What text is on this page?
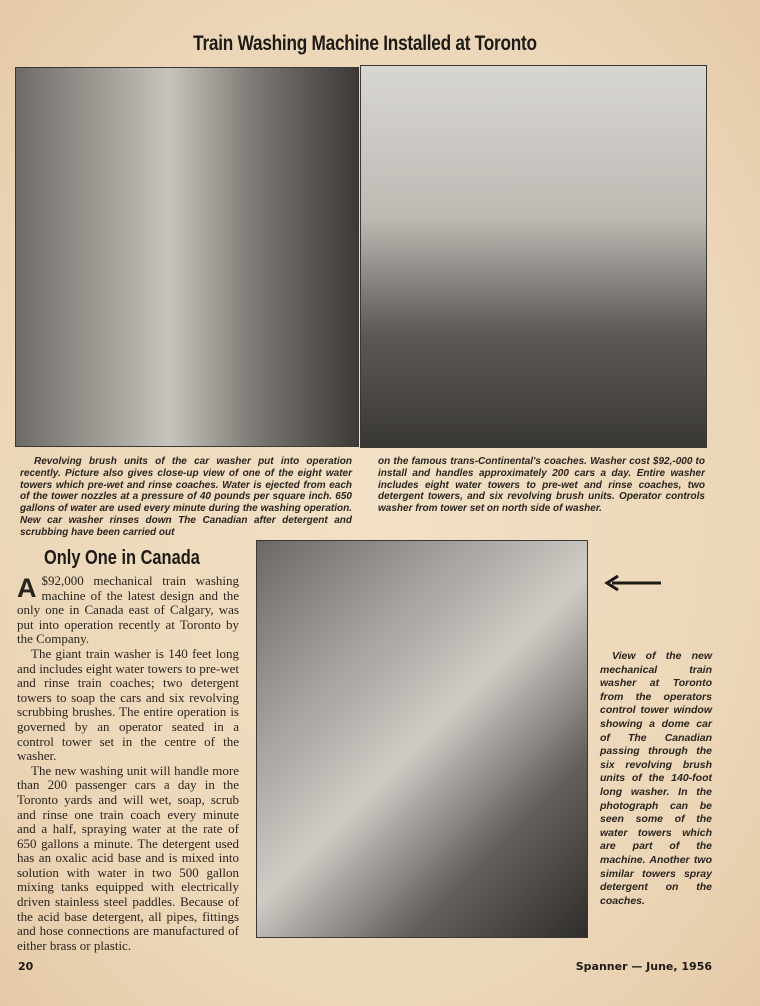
Train Washing Machine Installed at Toronto
Revolving brush units of the car washer put into operation recently. Picture also gives close-up view of one of the eight water towers which pre-wet and rinse coaches. Water is ejected from each of the tower nozzles at a pressure of 40 pounds per square inch. 650 gallons of water are used every minute during the washing operation. New car washer rinses down The Canadian after detergent and scrubbing have been carried out
on the famous trans-Continental's coaches. Washer cost $92,-000 to install and handles approximately 200 cars a day. Entire washer includes eight water towers to pre-wet and rinse coaches, two detergent towers, and six revolving brush units. Operator controls washer from tower set on north side of washer.
Only One in Canada

A $92,000 mechanical train washing machine of the latest design and the only one in Canada east of Calgary, was put into operation recently at Toronto by the Company.

The giant train washer is 140 feet long and includes eight water towers to pre-wet and rinse train coaches; two detergent towers to soap the cars and six revolving scrubbing brushes. The entire operation is governed by an operator seated in a control tower set in the centre of the washer.

The new washing unit will handle more than 200 passenger cars a day in the Toronto yards and will wet, soap, scrub and rinse one train coach every minute and a half, spraying water at the rate of 650 gallons a minute. The detergent used has an oxalic acid base and is mixed into solution with water in two 500 gallon mixing tanks equipped with electrically driven stainless steel paddles. Because of the acid base detergent, all pipes, fittings and hose connections are manufactured of either brass or plastic.

View of the new mechanical train washer at Toronto from the operators control tower window showing a dome car of The Canadian passing through the six revolving brush units of the 140-foot long washer. In the photograph can be seen some of the water towers which are part of the machine. Another two similar towers spray detergent on the coaches.
20	Spanner — June, 1956
